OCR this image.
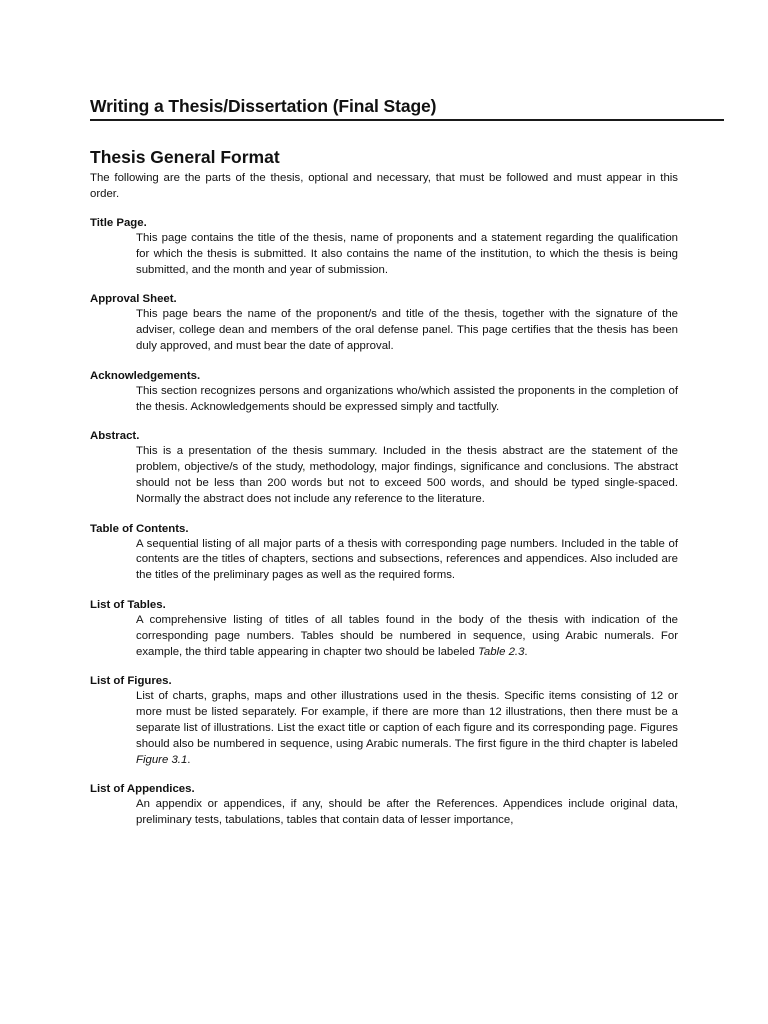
Writing a Thesis/Dissertation (Final Stage)
Thesis General Format

The following are the parts of the thesis, optional and necessary, that must be followed and must appear in this order.

Title Page.

This page contains the title of the thesis, name of proponents and a statement regarding the qualification for which the thesis is submitted. It also contains the name of the institution, to which the thesis is being submitted, and the month and year of submission.

Approval Sheet.

This page bears the name of the proponent/s and title of the thesis, together with the signature of the adviser, college dean and members of the oral defense panel. This page certifies that the thesis has been duly approved, and must bear the date of approval.

Acknowledgements.

This section recognizes persons and organizations who/which assisted the proponents in the completion of the thesis. Acknowledgements should be expressed simply and tactfully.

Abstract.

This is a presentation of the thesis summary. Included in the thesis abstract are the statement of the problem, objective/s of the study, methodology, major findings, significance and conclusions. The abstract should not be less than 200 words but not to exceed 500 words, and should be typed single-spaced. Normally the abstract does not include any reference to the literature.

Table of Contents.

A sequential listing of all major parts of a thesis with corresponding page numbers. Included in the table of contents are the titles of chapters, sections and subsections, references and appendices. Also included are the titles of the preliminary pages as well as the required forms.

List of Tables.

A comprehensive listing of titles of all tables found in the body of the thesis with indication of the corresponding page numbers. Tables should be numbered in sequence, using Arabic numerals. For example, the third table appearing in chapter two should be labeled Table 2.3.

List of Figures.

List of charts, graphs, maps and other illustrations used in the thesis. Specific items consisting of 12 or more must be listed separately. For example, if there are more than 12 illustrations, then there must be a separate list of illustrations. List the exact title or caption of each figure and its corresponding page. Figures should also be numbered in sequence, using Arabic numerals. The first figure in the third chapter is labeled Figure 3.1.

List of Appendices.

An appendix or appendices, if any, should be after the References. Appendices include original data, preliminary tests, tabulations, tables that contain data of lesser importance,
